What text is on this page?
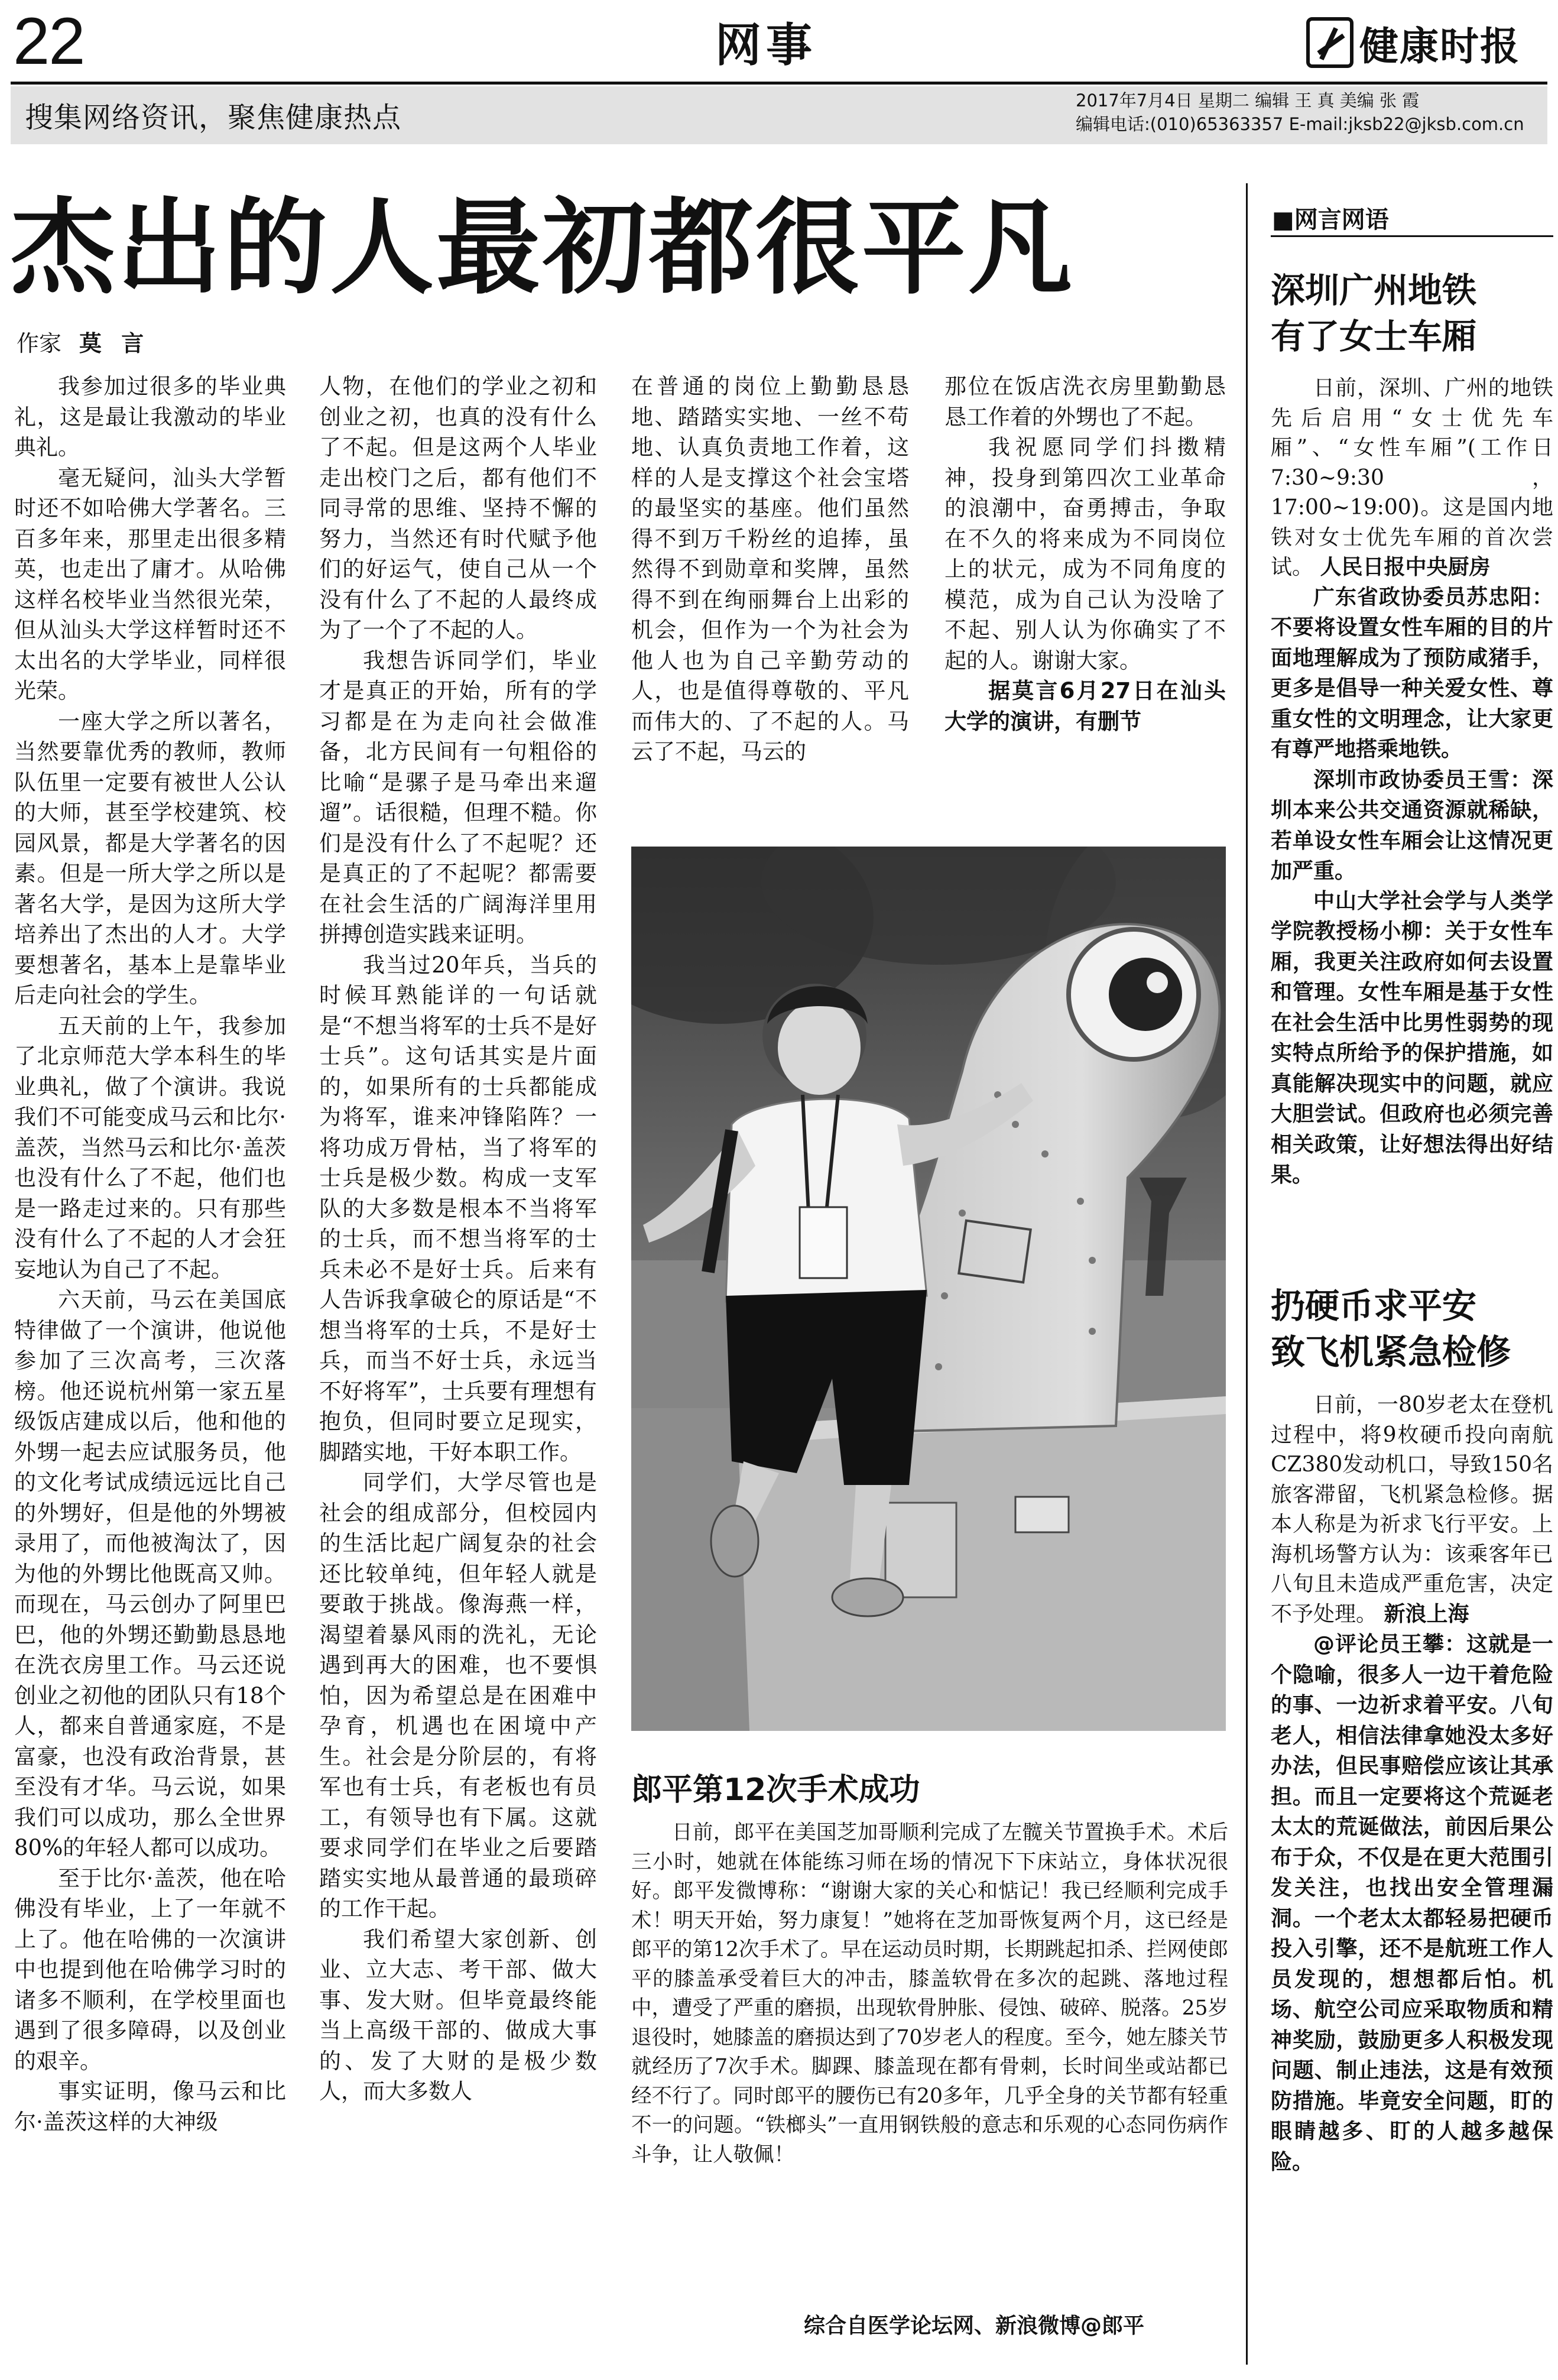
22	网事	健康时报
搜集网络资讯，聚焦健康热点
2017年7月4日 星期二 编辑 王 真 美编 张 霞
编辑电话:(010)65363357 E-mail:jksb22@jksb.com.cn
杰出的人最初都很平凡
作家 莫 言

我参加过很多的毕业典礼，这是最让我激动的毕业典礼。

毫无疑问，汕头大学暂时还不如哈佛大学著名。三百多年来，那里走出很多精英，也走出了庸才。从哈佛这样名校毕业当然很光荣，但从汕头大学这样暂时还不太出名的大学毕业，同样很光荣。

一座大学之所以著名，当然要靠优秀的教师，教师队伍里一定要有被世人公认的大师，甚至学校建筑、校园风景，都是大学著名的因素。但是一所大学之所以是著名大学，是因为这所大学培养出了杰出的人才。大学要想著名，基本上是靠毕业后走向社会的学生。

五天前的上午，我参加了北京师范大学本科生的毕业典礼，做了个演讲。我说我们不可能变成马云和比尔·盖茨，当然马云和比尔·盖茨也没有什么了不起，他们也是一路走过来的。只有那些没有什么了不起的人才会狂妄地认为自己了不起。

六天前，马云在美国底特律做了一个演讲，他说他参加了三次高考，三次落榜。他还说杭州第一家五星级饭店建成以后，他和他的外甥一起去应试服务员，他的文化考试成绩远远比自己的外甥好，但是他的外甥被录用了，而他被淘汰了，因为他的外甥比他既高又帅。而现在，马云创办了阿里巴巴，他的外甥还勤勤恳恳地在洗衣房里工作。马云还说创业之初他的团队只有18个人，都来自普通家庭，不是富豪，也没有政治背景，甚至没有才华。马云说，如果我们可以成功，那么全世界80%的年轻人都可以成功。

至于比尔·盖茨，他在哈佛没有毕业，上了一年就不上了。他在哈佛的一次演讲中也提到他在哈佛学习时的诸多不顺利，在学校里面也遇到了很多障碍，以及创业的艰辛。

事实证明，像马云和比尔·盖茨这样的大神级

人物，在他们的学业之初和创业之初，也真的没有什么了不起。但是这两个人毕业走出校门之后，都有他们不同寻常的思维、坚持不懈的努力，当然还有时代赋予他们的好运气，使自己从一个没有什么了不起的人最终成为了一个了不起的人。

我想告诉同学们，毕业才是真正的开始，所有的学习都是在为走向社会做准备，北方民间有一句粗俗的比喻“是骡子是马牵出来遛遛”。话很糙，但理不糙。你们是没有什么了不起呢？还是真正的了不起呢？都需要在社会生活的广阔海洋里用拼搏创造实践来证明。

我当过20年兵，当兵的时候耳熟能详的一句话就是“不想当将军的士兵不是好士兵”。这句话其实是片面的，如果所有的士兵都能成为将军，谁来冲锋陷阵？一将功成万骨枯，当了将军的士兵是极少数。构成一支军队的大多数是根本不当将军的士兵，而不想当将军的士兵未必不是好士兵。后来有人告诉我拿破仑的原话是“不想当将军的士兵，不是好士兵，而当不好士兵，永远当不好将军”，士兵要有理想有抱负，但同时要立足现实，脚踏实地，干好本职工作。

同学们，大学尽管也是社会的组成部分，但校园内的生活比起广阔复杂的社会还比较单纯，但年轻人就是要敢于挑战。像海燕一样，渴望着暴风雨的洗礼，无论遇到再大的困难，也不要惧怕，因为希望总是在困难中孕育，机遇也在困境中产生。社会是分阶层的，有将军也有士兵，有老板也有员工，有领导也有下属。这就要求同学们在毕业之后要踏踏实实地从最普通的最琐碎的工作干起。

我们希望大家创新、创业、立大志、考干部、做大事、发大财。但毕竟最终能当上高级干部的、做成大事的、发了大财的是极少数人，而大多数人

在普通的岗位上勤勤恳恳地、踏踏实实地、一丝不苟地、认真负责地工作着，这样的人是支撑这个社会宝塔的最坚实的基座。他们虽然得不到万千粉丝的追捧，虽然得不到勋章和奖牌，虽然得不到在绚丽舞台上出彩的机会，但作为一个为社会为他人也为自己辛勤劳动的人，也是值得尊敬的、平凡而伟大的、了不起的人。马云了不起，马云的

那位在饭店洗衣房里勤勤恳恳工作着的外甥也了不起。

我祝愿同学们抖擞精神，投身到第四次工业革命的浪潮中，奋勇搏击，争取在不久的将来成为不同岗位上的状元，成为不同角度的模范，成为自己认为没啥了不起、别人认为你确实了不起的人。谢谢大家。

据莫言6月27日在汕头大学的演讲，有删节

郎平第12次手术成功

日前，郎平在美国芝加哥顺利完成了左髋关节置换手术。术后三小时，她就在体能练习师在场的情况下下床站立，身体状况很好。郎平发微博称：“谢谢大家的关心和惦记！我已经顺利完成手术！明天开始，努力康复！”她将在芝加哥恢复两个月，这已经是郎平的第12次手术了。早在运动员时期，长期跳起扣杀、拦网使郎平的膝盖承受着巨大的冲击，膝盖软骨在多次的起跳、落地过程中，遭受了严重的磨损，出现软骨肿胀、侵蚀、破碎、脱落。25岁退役时，她膝盖的磨损达到了70岁老人的程度。至今，她左膝关节就经历了7次手术。脚踝、膝盖现在都有骨刺，长时间坐或站都已经不行了。同时郎平的腰伤已有20多年，几乎全身的关节都有轻重不一的问题。“铁榔头”一直用钢铁般的意志和乐观的心态同伤病作斗争，让人敬佩！

综合自医学论坛网、新浪微博@郎平
■网言网语
深圳广州地铁
有了女士车厢

日前，深圳、广州的地铁先后启用“女士优先车厢”、“女性车厢”(工作日7:30~9:30，17:00~19:00)。这是国内地铁对女士优先车厢的首次尝试。 人民日报中央厨房

广东省政协委员苏忠阳：不要将设置女性车厢的目的片面地理解成为了预防咸猪手，更多是倡导一种关爱女性、尊重女性的文明理念，让大家更有尊严地搭乘地铁。

深圳市政协委员王雪：深圳本来公共交通资源就稀缺，若单设女性车厢会让这情况更加严重。

中山大学社会学与人类学学院教授杨小柳：关于女性车厢，我更关注政府如何去设置和管理。女性车厢是基于女性在社会生活中比男性弱势的现实特点所给予的保护措施，如真能解决现实中的问题，就应大胆尝试。但政府也必须完善相关政策，让好想法得出好结果。

扔硬币求平安
致飞机紧急检修

日前，一80岁老太在登机过程中，将9枚硬币投向南航CZ380发动机口，导致150名旅客滞留，飞机紧急检修。据本人称是为祈求飞行平安。上海机场警方认为：该乘客年已八旬且未造成严重危害，决定不予处理。 新浪上海

@评论员王攀：这就是一个隐喻，很多人一边干着危险的事、一边祈求着平安。八旬老人，相信法律拿她没太多好办法，但民事赔偿应该让其承担。而且一定要将这个荒诞老太太的荒诞做法，前因后果公布于众，不仅是在更大范围引发关注，也找出安全管理漏洞。一个老太太都轻易把硬币投入引擎，还不是航班工作人员发现的，想想都后怕。机场、航空公司应采取物质和精神奖励，鼓励更多人积极发现问题、制止违法，这是有效预防措施。毕竟安全问题，盯的眼睛越多、盯的人越多越保险。
